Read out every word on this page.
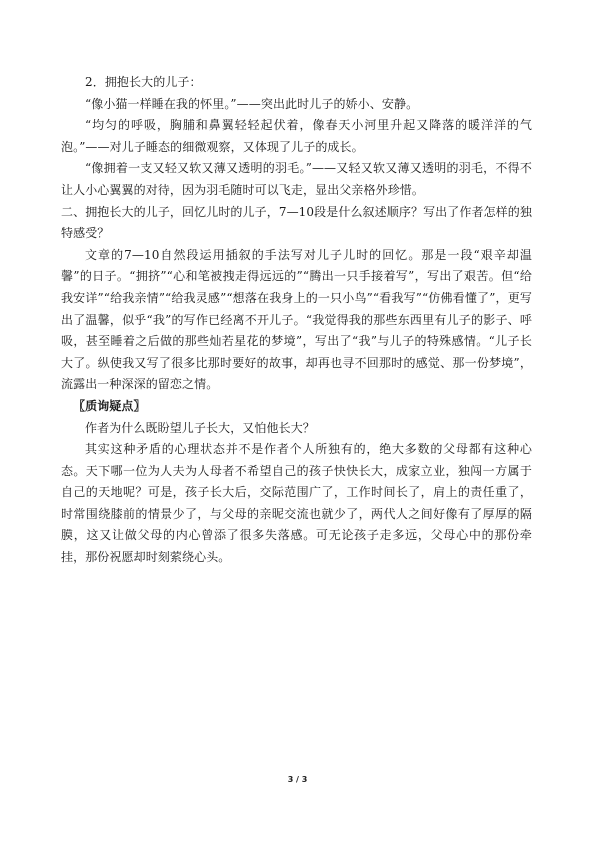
2．拥抱长大的儿子：

“像小猫一样睡在我的怀里。”——突出此时儿子的娇小、安静。

“均匀的呼吸，胸脯和鼻翼轻轻起伏着，像春天小河里升起又降落的暖洋洋的气泡。”——对儿子睡态的细微观察，又体现了儿子的成长。

“像拥着一支又轻又软又薄又透明的羽毛。”——又轻又软又薄又透明的羽毛，不得不让人小心翼翼的对待，因为羽毛随时可以飞走，显出父亲格外珍惜。

二、拥抱长大的儿子，回忆儿时的儿子，7—10段是什么叙述顺序？写出了作者怎样的独特感受？

文章的7—10自然段运用插叙的手法写对儿子儿时的回忆。那是一段“艰辛却温馨”的日子。“拥挤”“心和笔被拽走得远远的”“腾出一只手接着写”，写出了艰苦。但“给我安详”“给我亲情”“给我灵感”“想落在我身上的一只小鸟”“看我写”“仿佛看懂了”，更写出了温馨，似乎“我”的写作已经离不开儿子。“我觉得我的那些东西里有儿子的影子、呼吸，甚至睡着之后做的那些灿若星花的梦境”，写出了“我”与儿子的特殊感情。“儿子长大了。纵使我又写了很多比那时要好的故事，却再也寻不回那时的感觉、那一份梦境”，流露出一种深深的留恋之情。

〖质询疑点〗

作者为什么既盼望儿子长大，又怕他长大？

其实这种矛盾的心理状态并不是作者个人所独有的，绝大多数的父母都有这种心态。天下哪一位为人夫为人母者不希望自己的孩子快快长大，成家立业，独闯一方属于自己的天地呢？可是，孩子长大后，交际范围广了，工作时间长了，肩上的责任重了，时常围绕膝前的情景少了，与父母的亲昵交流也就少了，两代人之间好像有了厚厚的隔膜，这又让做父母的内心曾添了很多失落感。可无论孩子走多远，父母心中的那份牵挂，那份祝愿却时刻萦绕心头。

3 / 3
